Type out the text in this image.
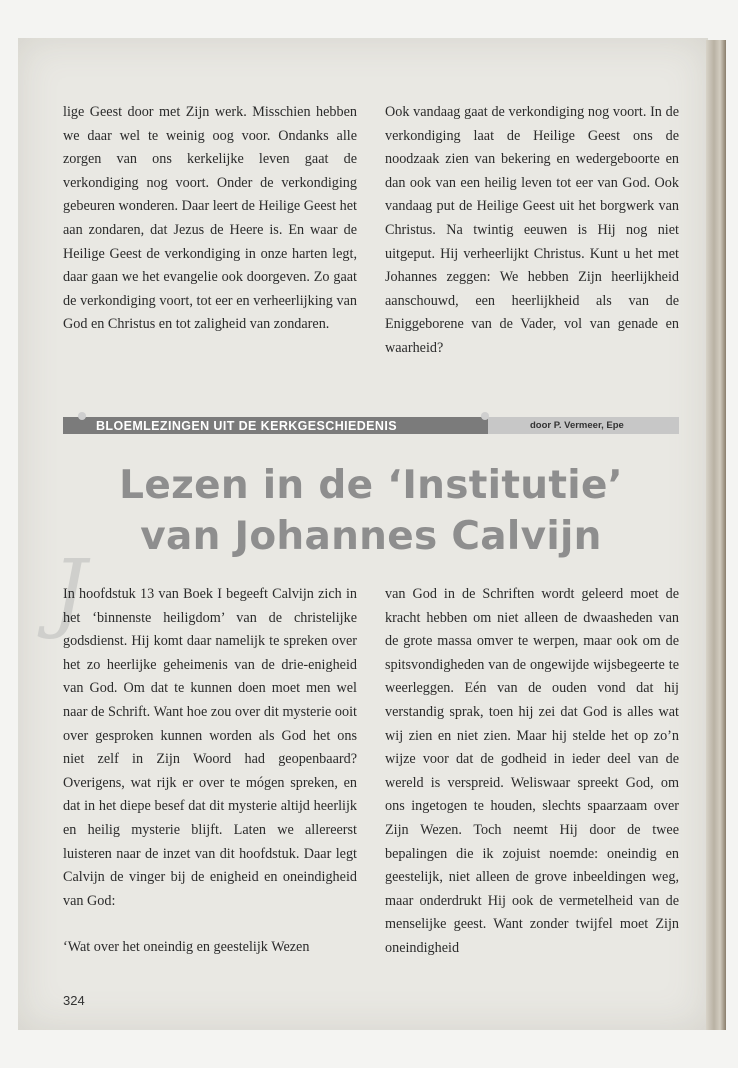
lige Geest door met Zijn werk. Misschien hebben we daar wel te weinig oog voor. Ondanks alle zorgen van ons kerkelijke leven gaat de verkondiging nog voort. Onder de verkondiging gebeuren wonderen. Daar leert de Heilige Geest het aan zondaren, dat Jezus de Heere is. En waar de Heilige Geest de verkondiging in onze harten legt, daar gaan we het evangelie ook doorgeven. Zo gaat de verkondiging voort, tot eer en verheerlijking van God en Christus en tot zaligheid van zondaren.

Ook vandaag gaat de verkondiging nog voort. In de verkondiging laat de Heilige Geest ons de noodzaak zien van bekering en wedergeboorte en dan ook van een heilig leven tot eer van God. Ook vandaag put de Heilige Geest uit het borgwerk van Christus. Na twintig eeuwen is Hij nog niet uitgeput. Hij verheerlijkt Christus. Kunt u het met Johannes zeggen: We hebben Zijn heerlijkheid aanschouwd, een heerlijkheid als van de Eniggeborene van de Vader, vol van genade en waarheid?

BLOEMLEZINGEN UIT DE KERKGESCHIEDENIS	door P. Vermeer, Epe
Lezen in de ‘Institutie’
van Johannes Calvijn
J

In hoofdstuk 13 van Boek I begeeft Calvijn zich in het ‘binnenste heiligdom’ van de christelijke godsdienst. Hij komt daar namelijk te spreken over het zo heerlijke geheimenis van de drie-enigheid van God. Om dat te kunnen doen moet men wel naar de Schrift. Want hoe zou over dit mysterie ooit over gesproken kunnen worden als God het ons niet zelf in Zijn Woord had geopenbaard? Overigens, wat rijk er over te mógen spreken, en dat in het diepe besef dat dit mysterie altijd heerlijk en heilig mysterie blijft. Laten we allereerst luisteren naar de inzet van dit hoofdstuk. Daar legt Calvijn de vinger bij de enigheid en oneindigheid van God:

‘Wat over het oneindig en geestelijk Wezen

van God in de Schriften wordt geleerd moet de kracht hebben om niet alleen de dwaasheden van de grote massa omver te werpen, maar ook om de spitsvondigheden van de ongewijde wijsbegeerte te weerleggen. Eén van de ouden vond dat hij verstandig sprak, toen hij zei dat God is alles wat wij zien en niet zien. Maar hij stelde het op zo’n wijze voor dat de godheid in ieder deel van de wereld is verspreid. Weliswaar spreekt God, om ons ingetogen te houden, slechts spaarzaam over Zijn Wezen. Toch neemt Hij door de twee bepalingen die ik zojuist noemde: oneindig en geestelijk, niet alleen de grove inbeeldingen weg, maar onderdrukt Hij ook de vermetelheid van de menselijke geest. Want zonder twijfel moet Zijn oneindigheid

324
